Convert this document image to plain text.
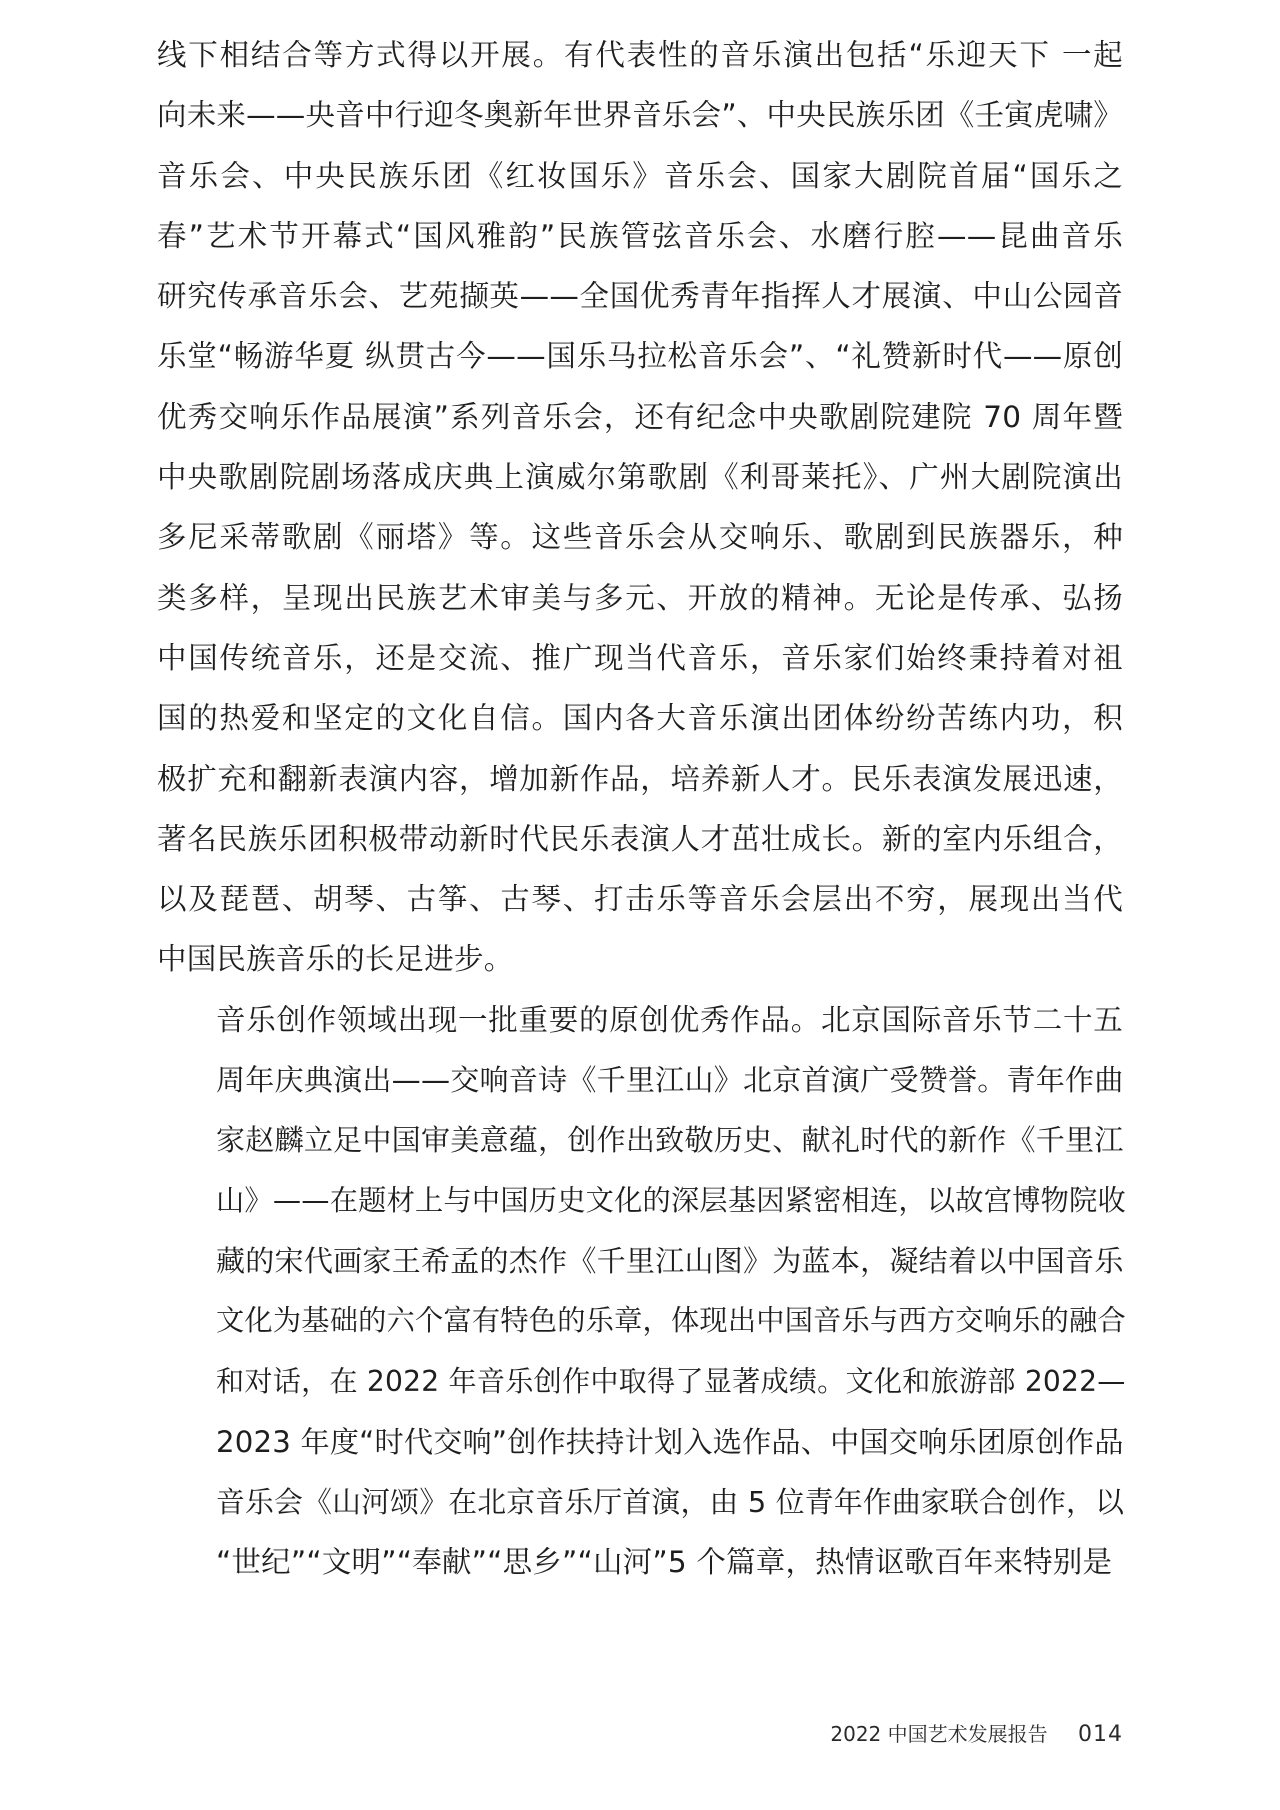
线下相结合等方式得以开展。有代表性的音乐演出包括“乐迎天下 一起
向未来——央音中行迎冬奥新年世界音乐会”、中央民族乐团《壬寅虎啸》
音乐会、中央民族乐团《红妆国乐》音乐会、国家大剧院首届“国乐之
春”艺术节开幕式“国风雅韵”民族管弦音乐会、水磨行腔——昆曲音乐
研究传承音乐会、艺苑撷英——全国优秀青年指挥人才展演、中山公园音
乐堂“畅游华夏 纵贯古今——国乐马拉松音乐会”、“礼赞新时代——原创
优秀交响乐作品展演”系列音乐会，还有纪念中央歌剧院建院 70 周年暨
中央歌剧院剧场落成庆典上演威尔第歌剧《利哥莱托》、广州大剧院演出
多尼采蒂歌剧《丽塔》等。这些音乐会从交响乐、歌剧到民族器乐，种
类多样，呈现出民族艺术审美与多元、开放的精神。无论是传承、弘扬
中国传统音乐，还是交流、推广现当代音乐，音乐家们始终秉持着对祖
国的热爱和坚定的文化自信。国内各大音乐演出团体纷纷苦练内功，积
极扩充和翻新表演内容，增加新作品，培养新人才。民乐表演发展迅速，
著名民族乐团积极带动新时代民乐表演人才茁壮成长。新的室内乐组合，
以及琵琶、胡琴、古筝、古琴、打击乐等音乐会层出不穷，展现出当代
中国民族音乐的长足进步。
音乐创作领域出现一批重要的原创优秀作品。北京国际音乐节二十五
周年庆典演出——交响音诗《千里江山》北京首演广受赞誉。青年作曲
家赵麟立足中国审美意蕴，创作出致敬历史、献礼时代的新作《千里江
山》——在题材上与中国历史文化的深层基因紧密相连，以故宫博物院收
藏的宋代画家王希孟的杰作《千里江山图》为蓝本，凝结着以中国音乐
文化为基础的六个富有特色的乐章，体现出中国音乐与西方交响乐的融合
和对话，在 2022 年音乐创作中取得了显著成绩。文化和旅游部 2022—
2023 年度“时代交响”创作扶持计划入选作品、中国交响乐团原创作品
音乐会《山河颂》在北京音乐厅首演，由 5 位青年作曲家联合创作，以
“世纪”“文明”“奉献”“思乡”“山河”5 个篇章，热情讴歌百年来特别是
2022 中国艺术发展报告 014
